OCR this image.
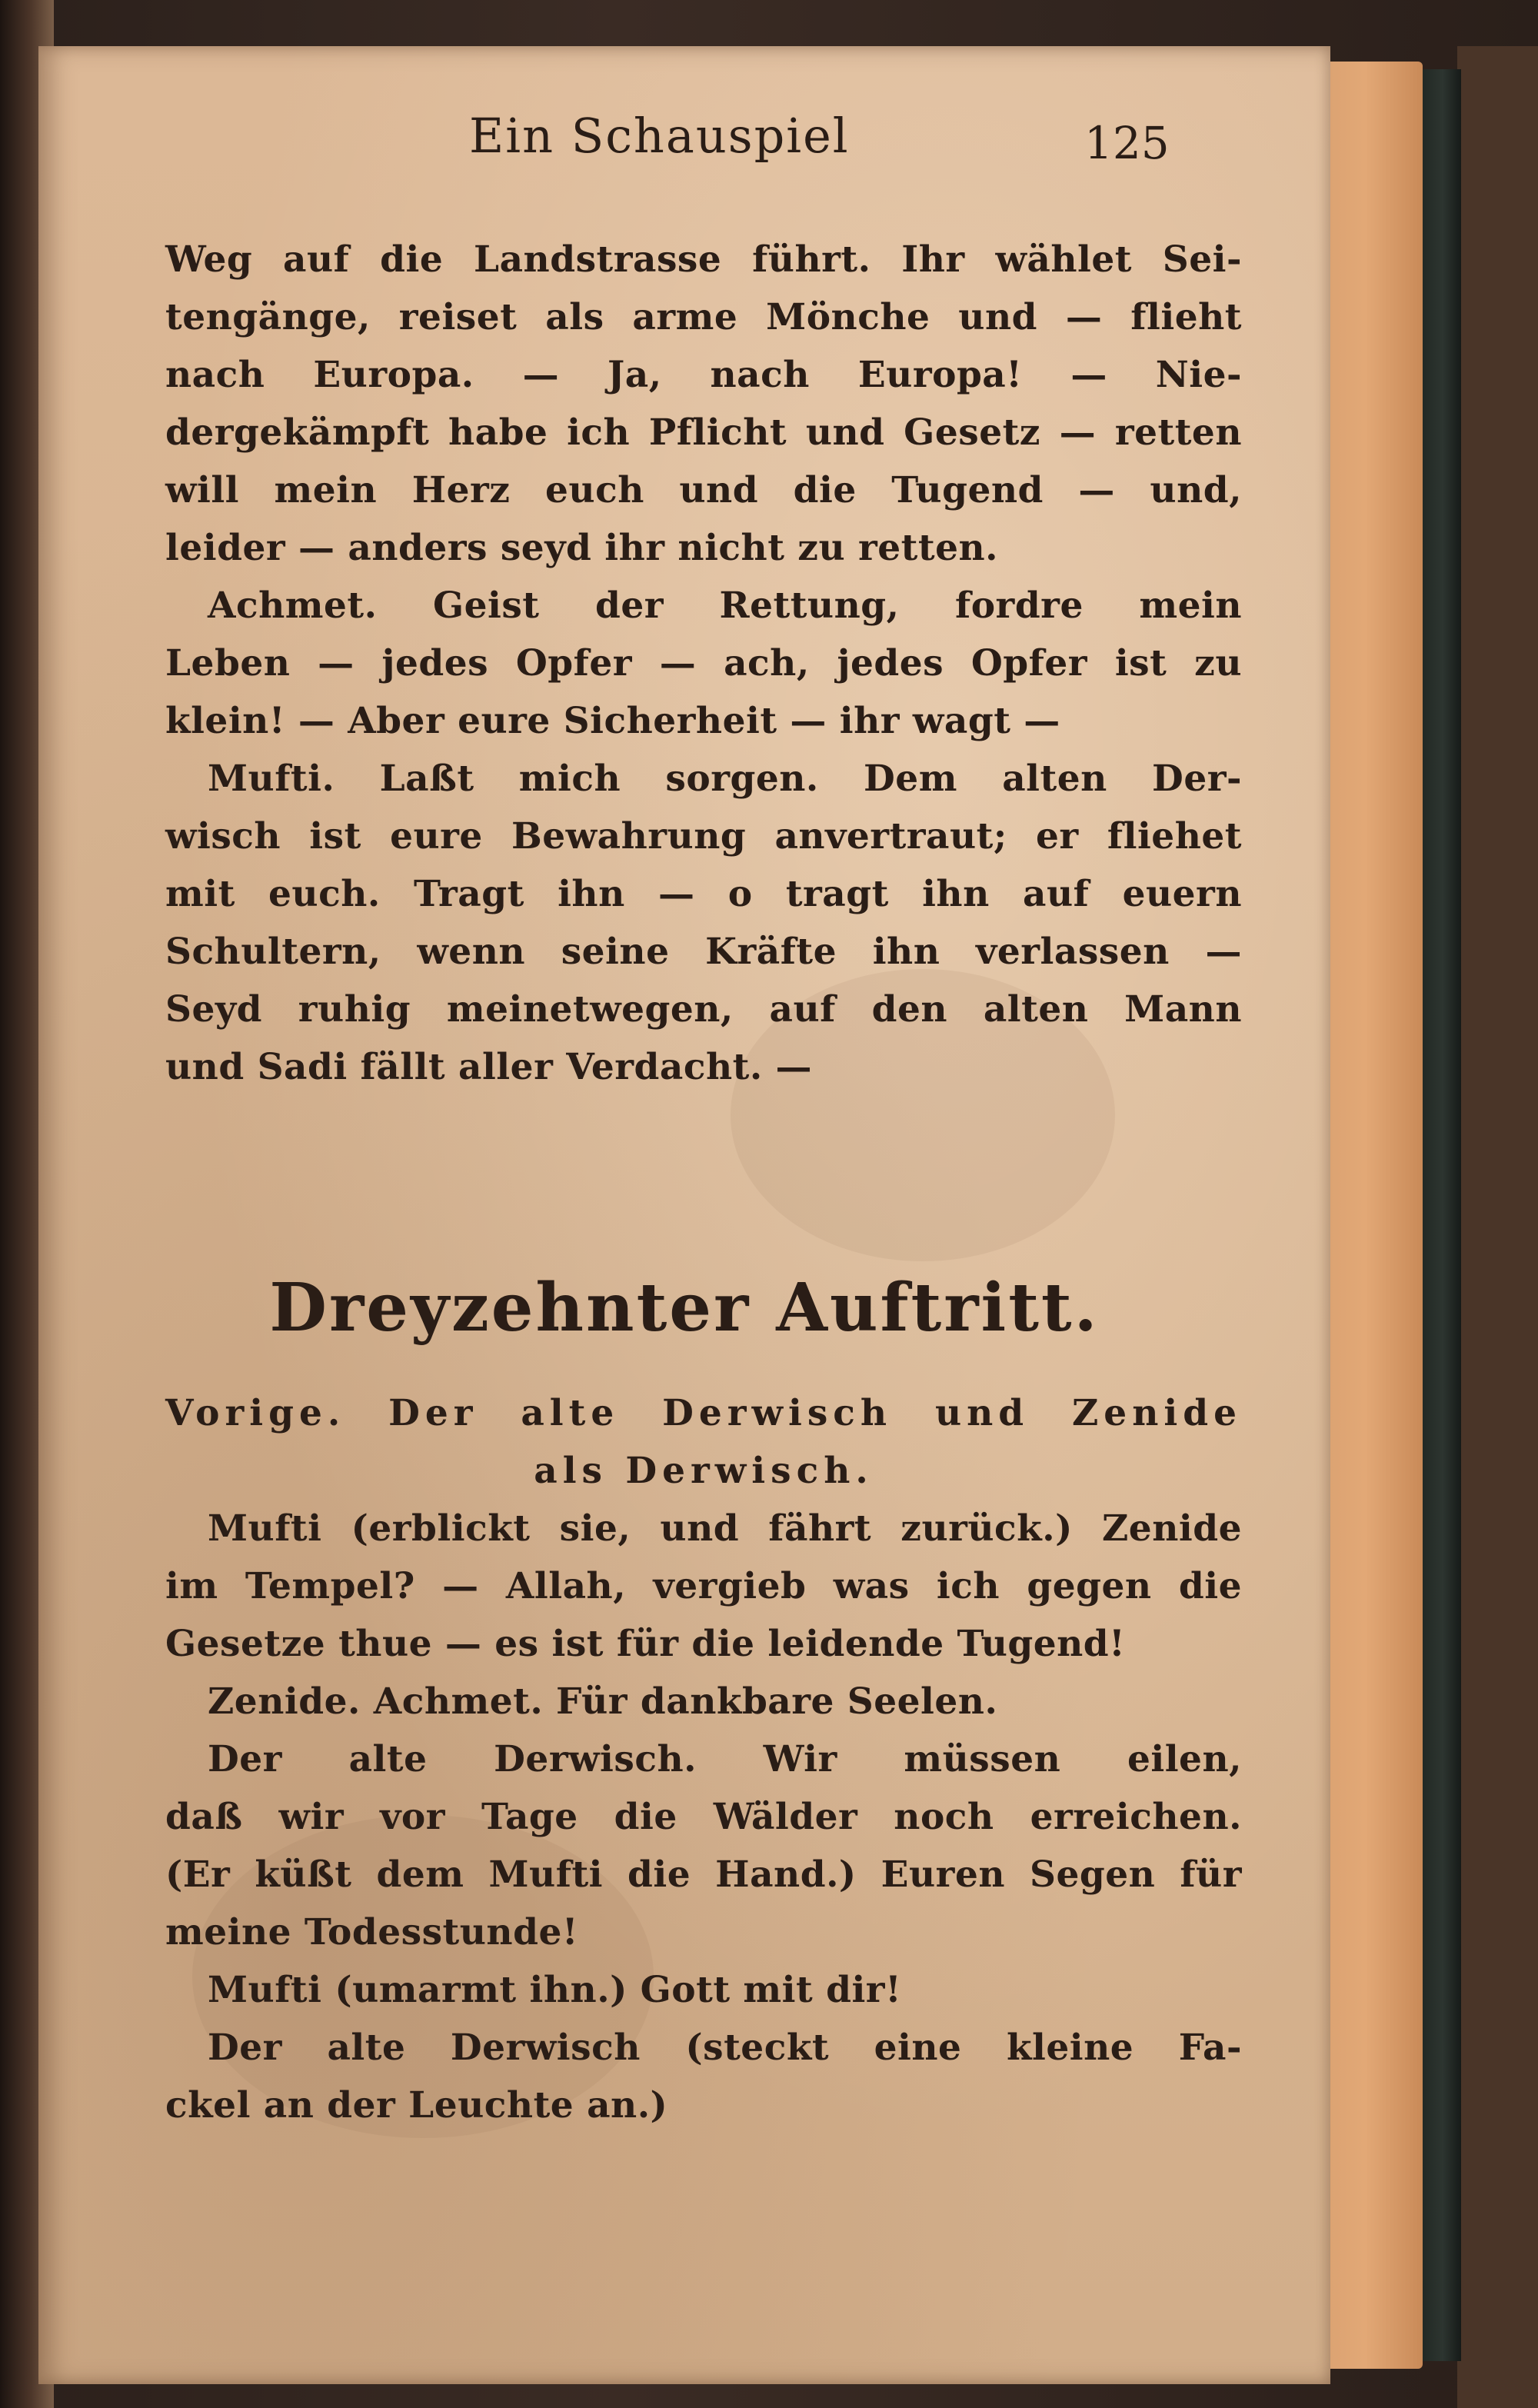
Ein Schauspiel	125
Weg auf die Landstrasse führt. Ihr wählet Sei-
tengänge, reiset als arme Mönche und — flieht
nach Europa. — Ja, nach Europa! — Nie-
dergekämpft habe ich Pflicht und Gesetz — retten
will mein Herz euch und die Tugend — und,
leider — anders seyd ihr nicht zu retten.
Achmet. Geist der Rettung, fordre mein
Leben — jedes Opfer — ach, jedes Opfer ist zu
klein! — Aber eure Sicherheit — ihr wagt —
Mufti. Laßt mich sorgen. Dem alten Der-
wisch ist eure Bewahrung anvertraut; er fliehet
mit euch. Tragt ihn — o tragt ihn auf euern
Schultern, wenn seine Kräfte ihn verlassen —
Seyd ruhig meinetwegen, auf den alten Mann
und Sadi fällt aller Verdacht. —
Dreyzehnter Auftritt.
Vorige. Der alte Derwisch und Zenide
als Derwisch.
Mufti (erblickt sie, und fährt zurück.) Zenide
im Tempel? — Allah, vergieb was ich gegen die
Gesetze thue — es ist für die leidende Tugend!
Zenide. Achmet. Für dankbare Seelen.
Der alte Derwisch. Wir müssen eilen,
daß wir vor Tage die Wälder noch erreichen.
(Er küßt dem Mufti die Hand.) Euren Segen für
meine Todesstunde!
Mufti (umarmt ihn.) Gott mit dir!
Der alte Derwisch (steckt eine kleine Fa-
ckel an der Leuchte an.)
